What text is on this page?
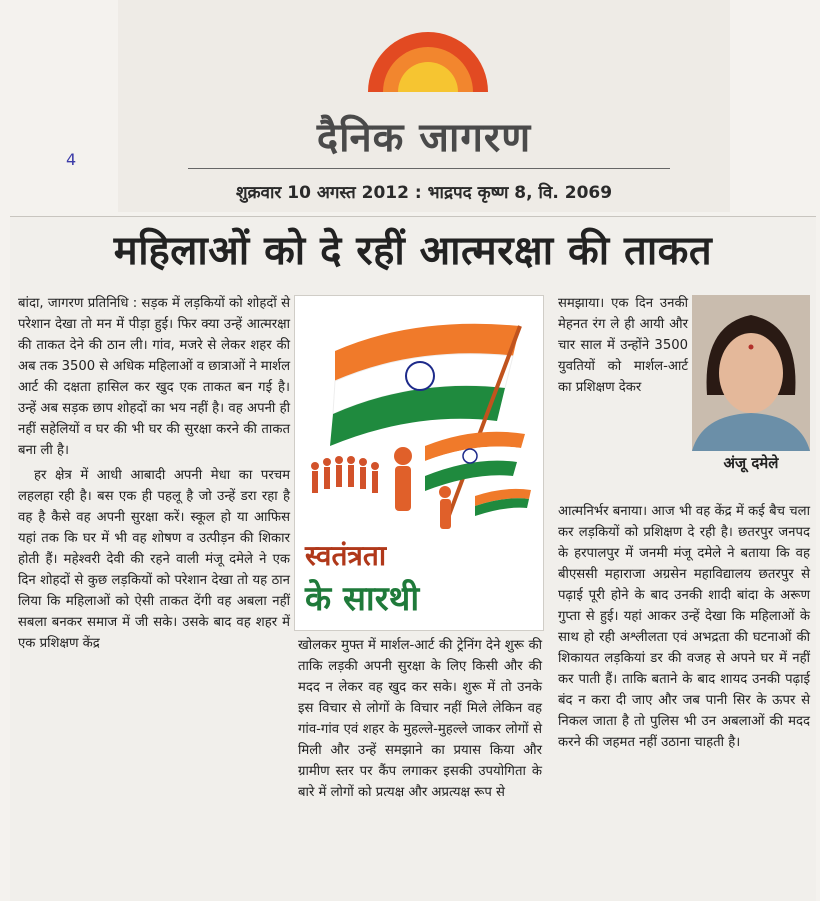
दैनिक जागरण
शुक्रवार 10 अगस्त 2012 : भाद्रपद कृष्ण 8, वि. 2069
4
महिलाओं को दे रहीं आत्मरक्षा की ताकत

बांदा, जागरण प्रतिनिधि : सड़क में लड़कियों को शोहदों से परेशान देखा तो मन में पीड़ा हुई। फिर क्या उन्हें आत्मरक्षा की ताकत देने की ठान ली। गांव, मजरे से लेकर शहर की अब तक 3500 से अधिक महिलाओं व छात्राओं ने मार्शल आर्ट की दक्षता हासिल कर खुद एक ताकत बन गई है। उन्हें अब सड़क छाप शोहदों का भय नहीं है। वह अपनी ही नहीं सहेलियों व घर की भी घर की सुरक्षा करने की ताकत बना ली है।

हर क्षेत्र में आधी आबादी अपनी मेधा का परचम लहलहा रही है। बस एक ही पहलू है जो उन्हें डरा रहा है वह है कैसे वह अपनी सुरक्षा करें। स्कूल हो या आफिस यहां तक कि घर में भी वह शोषण व उत्पीड़न की शिकार होती हैं। महेश्वरी देवी की रहने वाली मंजू दमेले ने एक दिन शोहदों से कुछ लड़कियों को परेशान देखा तो यह ठान लिया कि महिलाओं को ऐसी ताकत देंगी वह अबला नहीं सबला बनकर समाज में जी सके। उसके बाद वह शहर में एक प्रशिक्षण केंद्र

स्वतंत्रता
के सारथी

खोलकर मुफ्त में मार्शल-आर्ट की ट्रेनिंग देने शुरू की ताकि लड़की अपनी सुरक्षा के लिए किसी और की मदद न लेकर वह खुद कर सके। शुरू में तो उनके इस विचार से लोगों के विचार नहीं मिले लेकिन वह गांव-गांव एवं शहर के मुहल्ले-मुहल्ले जाकर लोगों से मिली और उन्हें समझाने का प्रयास किया और ग्रामीण स्तर पर कैंप लगाकर इसकी उपयोगिता के बारे में लोगों को प्रत्यक्ष और अप्रत्यक्ष रूप से

समझाया। एक दिन उनकी मेहनत रंग ले ही आयी और चार साल में उन्होंने 3500 युवतियों को मार्शल-आर्ट का प्रशिक्षण देकर

अंजू दमेले

आत्मनिर्भर बनाया। आज भी वह केंद्र में कई बैच चला कर लड़कियों को प्रशिक्षण दे रही है। छतरपुर जनपद के हरपालपुर में जनमी मंजू दमेले ने बताया कि वह बीएससी महाराजा अग्रसेन महाविद्यालय छतरपुर से पढ़ाई पूरी होने के बाद उनकी शादी बांदा के अरूण गुप्ता से हुई। यहां आकर उन्हें देखा कि महिलाओं के साथ हो रही अश्लीलता एवं अभद्रता की घटनाओं की शिकायत लड़कियां डर की वजह से अपने घर में नहीं कर पाती हैं। ताकि बताने के बाद शायद उनकी पढ़ाई बंद न करा दी जाए और जब पानी सिर के ऊपर से निकल जाता है तो पुलिस भी उन अबलाओं की मदद करने की जहमत नहीं उठाना चाहती है।
